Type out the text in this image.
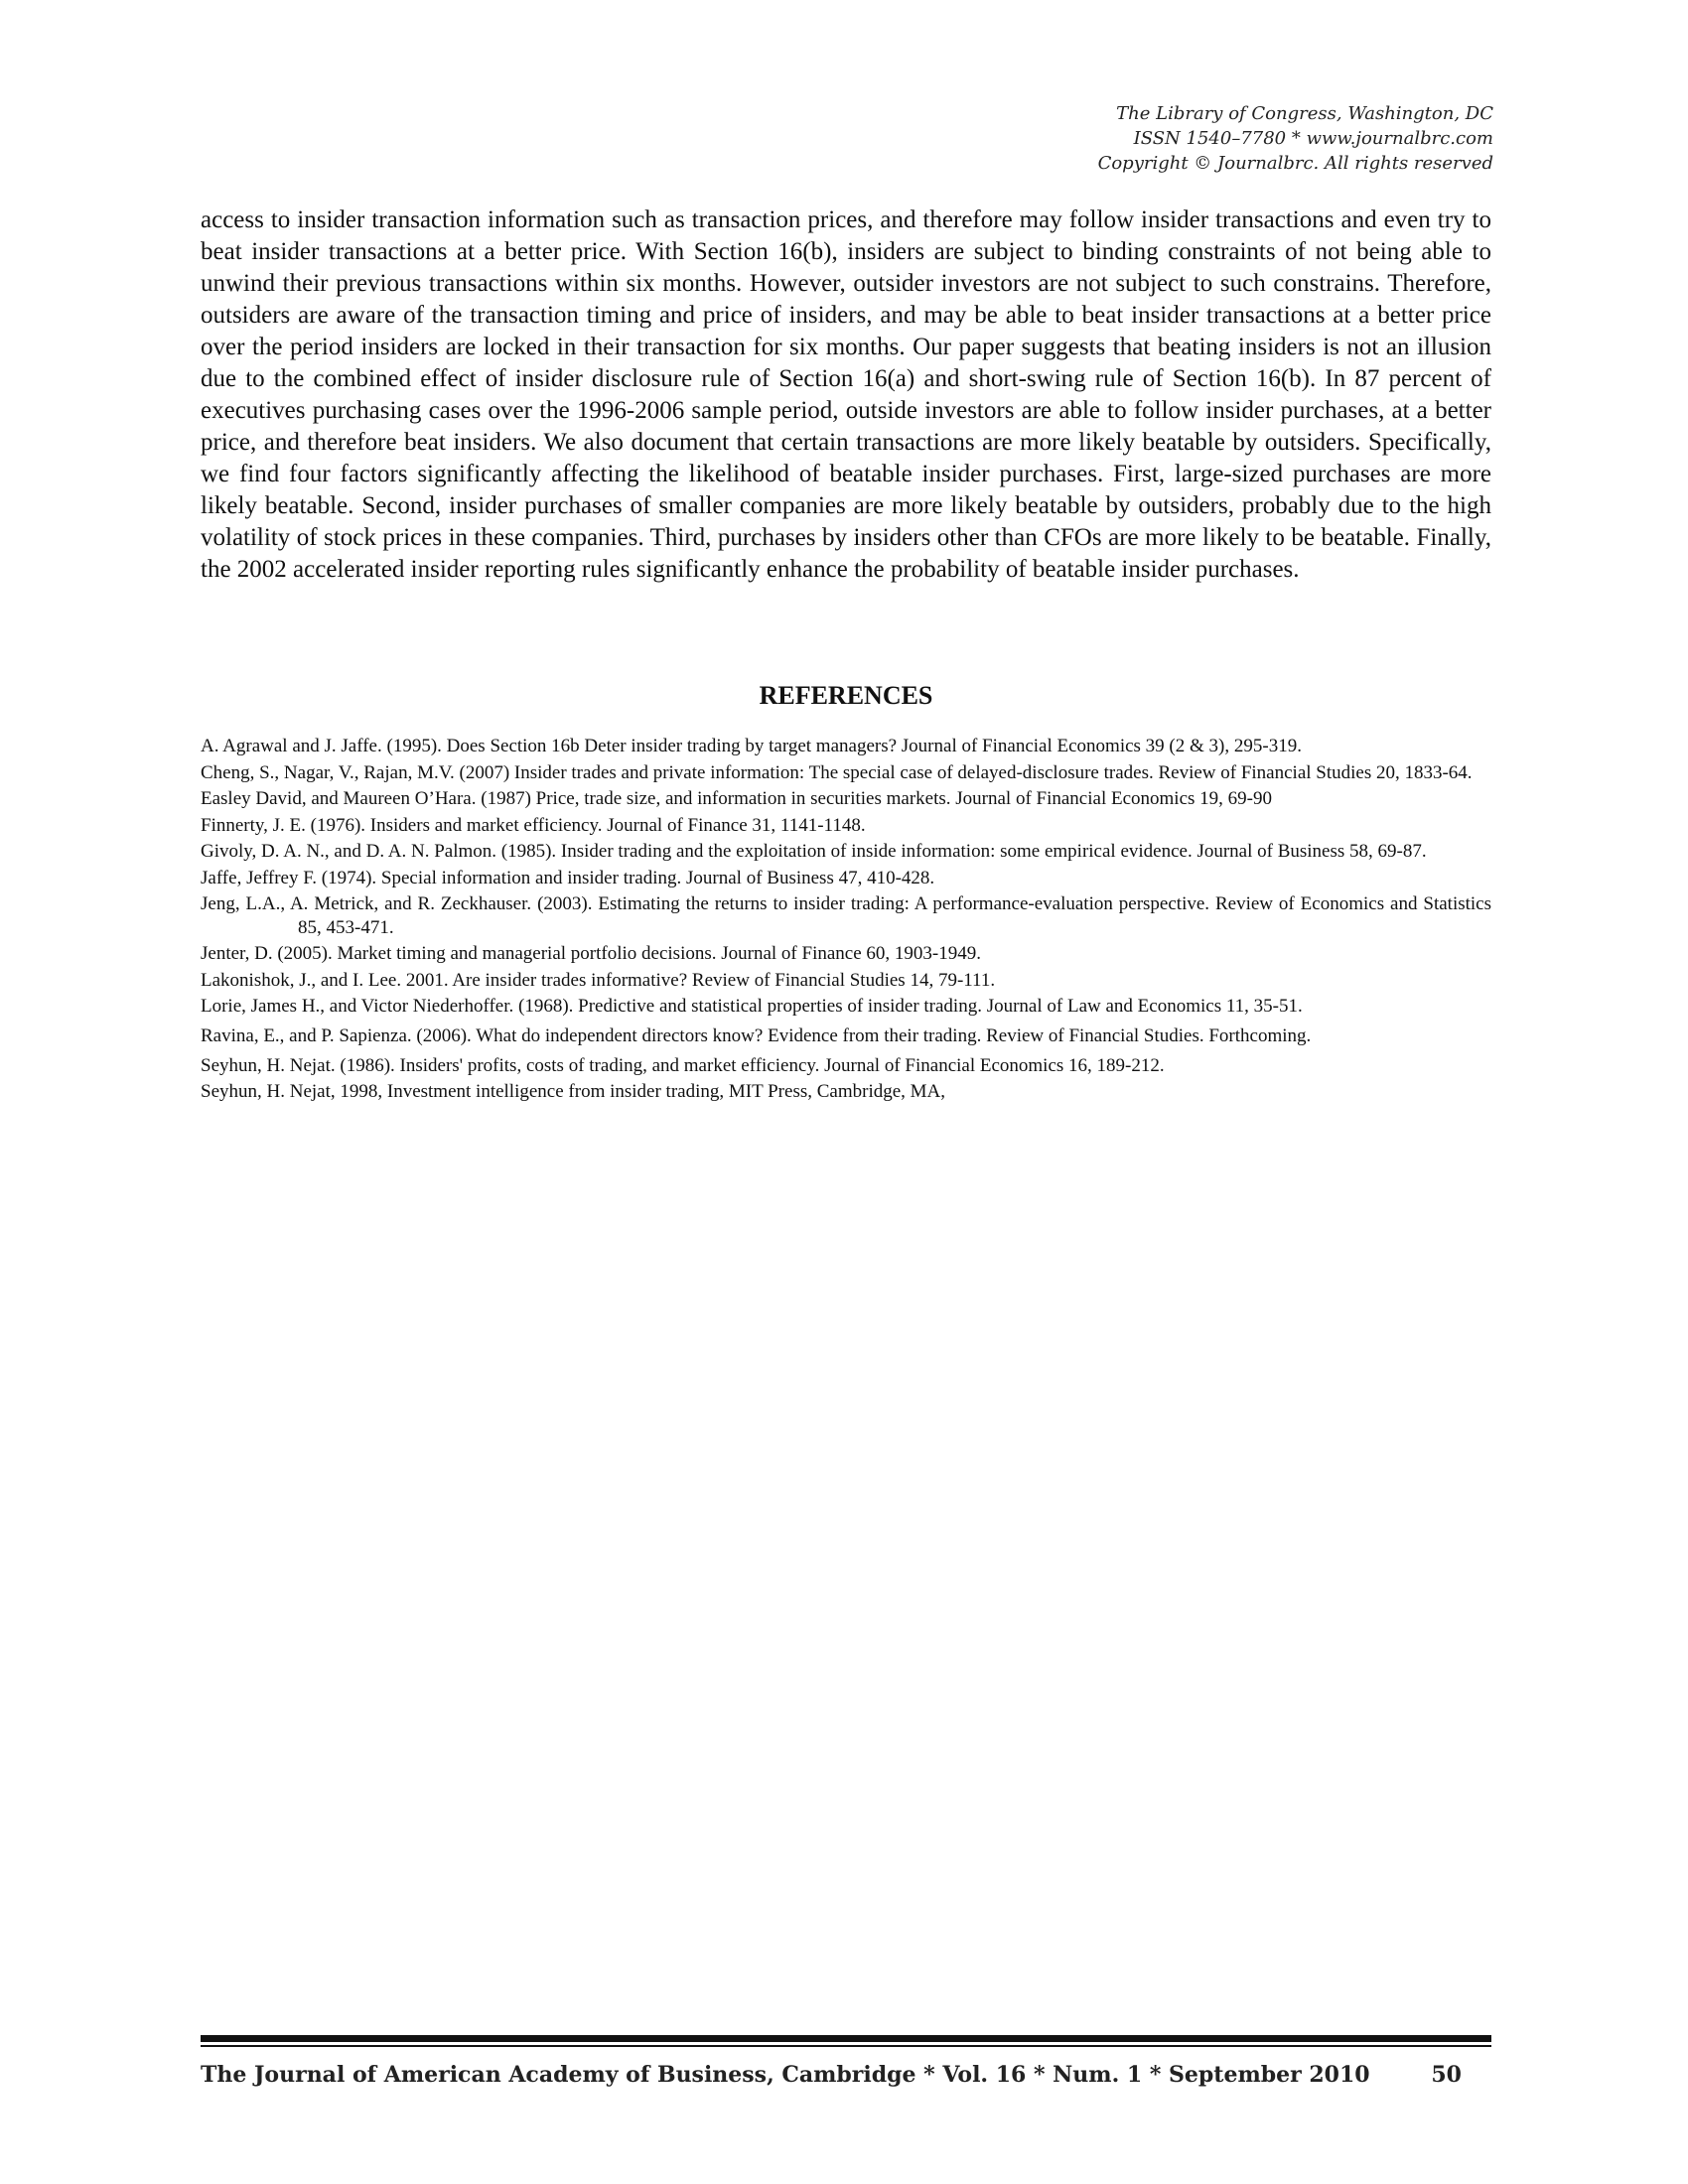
The Library of Congress, Washington, DC
ISSN 1540–7780 * www.journalbrc.com
Copyright © Journalbrc. All rights reserved

access to insider transaction information such as transaction prices, and therefore may follow insider transactions and even try to beat insider transactions at a better price. With Section 16(b), insiders are subject to binding constraints of not being able to unwind their previous transactions within six months. However, outsider investors are not subject to such constrains. Therefore, outsiders are aware of the transaction timing and price of insiders, and may be able to beat insider transactions at a better price over the period insiders are locked in their transaction for six months. Our paper suggests that beating insiders is not an illusion due to the combined effect of insider disclosure rule of Section 16(a) and short-swing rule of Section 16(b). In 87 percent of executives purchasing cases over the 1996-2006 sample period, outside investors are able to follow insider purchases, at a better price, and therefore beat insiders. We also document that certain transactions are more likely beatable by outsiders. Specifically, we find four factors significantly affecting the likelihood of beatable insider purchases. First, large-sized purchases are more likely beatable. Second, insider purchases of smaller companies are more likely beatable by outsiders, probably due to the high volatility of stock prices in these companies. Third, purchases by insiders other than CFOs are more likely to be beatable. Finally, the 2002 accelerated insider reporting rules significantly enhance the probability of beatable insider purchases.

REFERENCES
A. Agrawal and J. Jaffe. (1995). Does Section 16b Deter insider trading by target managers? Journal of Financial Economics 39 (2 & 3), 295-319.
Cheng, S., Nagar, V., Rajan, M.V. (2007) Insider trades and private information: The special case of delayed-disclosure trades. Review of Financial Studies 20, 1833-64.
Easley David, and Maureen O’Hara. (1987) Price, trade size, and information in securities markets. Journal of Financial Economics 19, 69-90
Finnerty, J. E. (1976). Insiders and market efficiency. Journal of Finance 31, 1141-1148.
Givoly, D. A. N., and D. A. N. Palmon. (1985). Insider trading and the exploitation of inside information: some empirical evidence. Journal of Business 58, 69-87.
Jaffe, Jeffrey F. (1974). Special information and insider trading. Journal of Business 47, 410-428.
Jeng, L.A., A. Metrick, and R. Zeckhauser. (2003). Estimating the returns to insider trading: A performance-evaluation perspective. Review of Economics and Statistics 85, 453-471.
Jenter, D. (2005). Market timing and managerial portfolio decisions. Journal of Finance 60, 1903-1949.
Lakonishok, J., and I. Lee. 2001. Are insider trades informative? Review of Financial Studies 14, 79-111.
Lorie, James H., and Victor Niederhoffer. (1968). Predictive and statistical properties of insider trading. Journal of Law and Economics 11, 35-51.
Ravina, E., and P. Sapienza. (2006). What do independent directors know? Evidence from their trading. Review of Financial Studies. Forthcoming.
Seyhun, H. Nejat. (1986). Insiders' profits, costs of trading, and market efficiency. Journal of Financial Economics 16, 189-212.
Seyhun, H. Nejat, 1998, Investment intelligence from insider trading, MIT Press, Cambridge, MA,
The Journal of American Academy of Business, Cambridge * Vol. 16 * Num. 1 * September 2010	50
